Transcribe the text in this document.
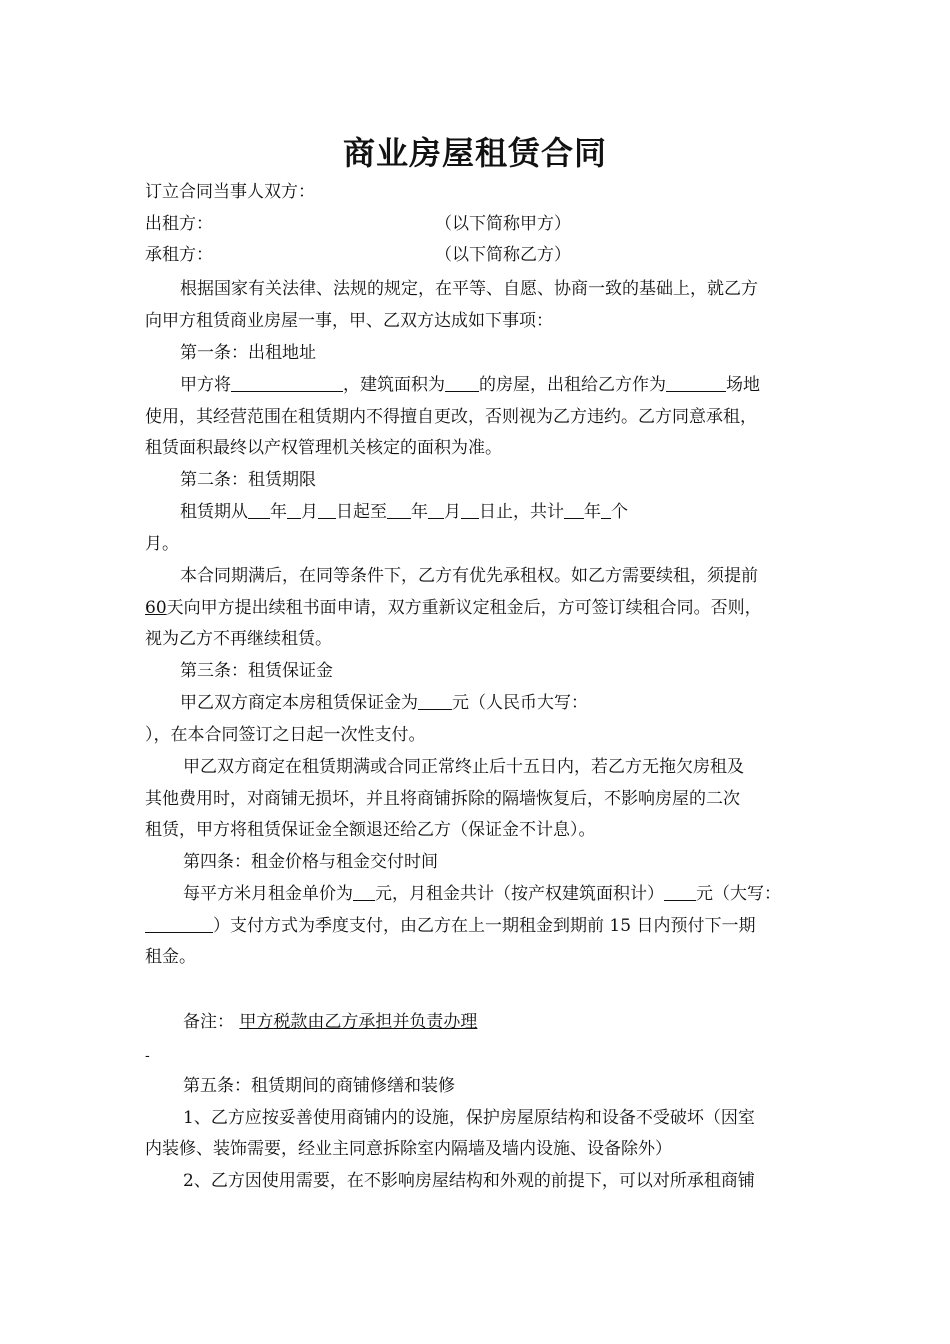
商业房屋租赁合同
订立合同当事人双方：
出租方：	（以下简称甲方）
承租方：	（以下简称乙方）
根据国家有关法律、法规的规定，在平等、自愿、协商一致的基础上，就乙方
向甲方租赁商业房屋一事，甲、乙双方达成如下事项：
第一条：出租地址
甲方将	，建筑面积为 的房屋，出租给乙方作为	场地
使用，其经营范围在租赁期内不得擅自更改，否则视为乙方违约。乙方同意承租，
租赁面积最终以产权管理机关核定的面积为准。
第二条：租赁期限
租赁期从 年 月 日起至 年 月 日止，共计 年 个
月。
本合同期满后，在同等条件下，乙方有优先承租权。如乙方需要续租，须提前
60天向甲方提出续租书面申请，双方重新议定租金后，方可签订续租合同。否则，
视为乙方不再继续租赁。
第三条：租赁保证金
甲乙双方商定本房租赁保证金为 元（人民币大写：
），在本合同签订之日起一次性支付。
甲乙双方商定在租赁期满或合同正常终止后十五日内，若乙方无拖欠房租及
其他费用时，对商铺无损坏，并且将商铺拆除的隔墙恢复后，不影响房屋的二次
租赁，甲方将租赁保证金全额退还给乙方（保证金不计息）。
第四条：租金价格与租金交付时间
每平方米月租金单价为 元，月租金共计（按产权建筑面积计） 元（大写：
）支付方式为季度支付，由乙方在上一期租金到期前 15 日内预付下一期
租金。
备注： 甲方税款由乙方承担并负责办理
-
第五条：租赁期间的商铺修缮和装修
1、乙方应按妥善使用商铺内的设施，保护房屋原结构和设备不受破坏（因室
内装修、装饰需要，经业主同意拆除室内隔墙及墙内设施、设备除外）
2、乙方因使用需要，在不影响房屋结构和外观的前提下，可以对所承租商铺
